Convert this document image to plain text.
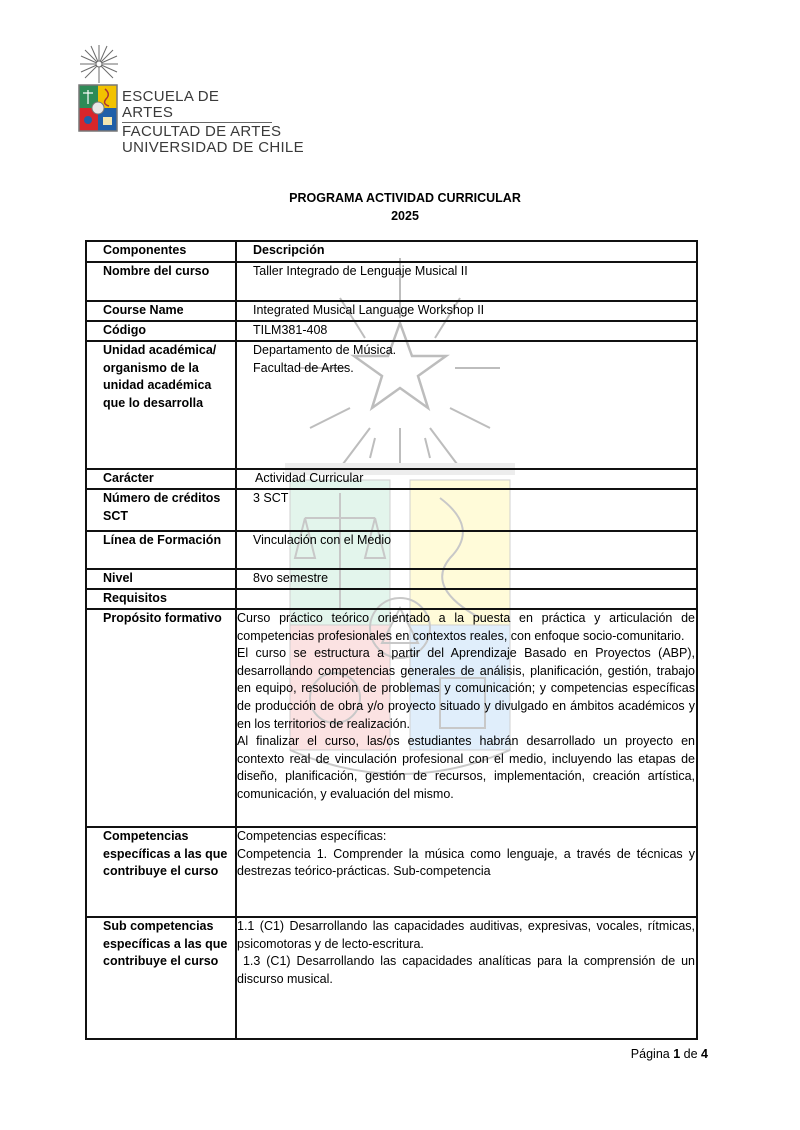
ESCUELA DE ARTES
FACULTAD DE ARTES
UNIVERSIDAD DE CHILE
PROGRAMA ACTIVIDAD CURRICULAR
2025
Componentes	Descripción
Nombre del curso	Taller Integrado de Lenguaje Musical II
Course Name	Integrated Musical Language Workshop II
Código	TILM381-408
Unidad académica/ organismo de la unidad académica que lo desarrolla	Departamento de Música.
Facultad de Artes.

Carácter	Actividad Curricular
Número de créditos SCT	3 SCT
Línea de Formación	Vinculación con el Medio
Nivel	8vo semestre
Requisitos	
Propósito formativo	Curso práctico teórico orientado a la puesta en práctica y articulación de competencias profesionales en contextos reales, con enfoque socio-comunitario.
El curso se estructura a partir del Aprendizaje Basado en Proyectos (ABP), desarrollando competencias generales de análisis, planificación, gestión, trabajo en equipo, resolución de problemas y comunicación; y competencias específicas de producción de obra y/o proyecto situado y divulgado en ámbitos académicos y en los territorios de realización.
Al finalizar el curso, las/os estudiantes habrán desarrollado un proyecto en contexto real de vinculación profesional con el medio, incluyendo las etapas de diseño, planificación, gestión de recursos, implementación, creación artística, comunicación, y evaluación del mismo.

Competencias específicas a las que contribuye el curso	Competencias específicas:
Competencia 1. Comprender la música como lenguaje, a través de técnicas y destrezas teórico-prácticas. Sub-competencia

Sub competencias específicas a las que contribuye el curso	1.1 (C1) Desarrollando las capacidades auditivas, expresivas, vocales, rítmicas, psicomotoras y de lecto-escritura.
1.3 (C1) Desarrollando las capacidades analíticas para la comprensión de un discurso musical.
Página 1 de 4
